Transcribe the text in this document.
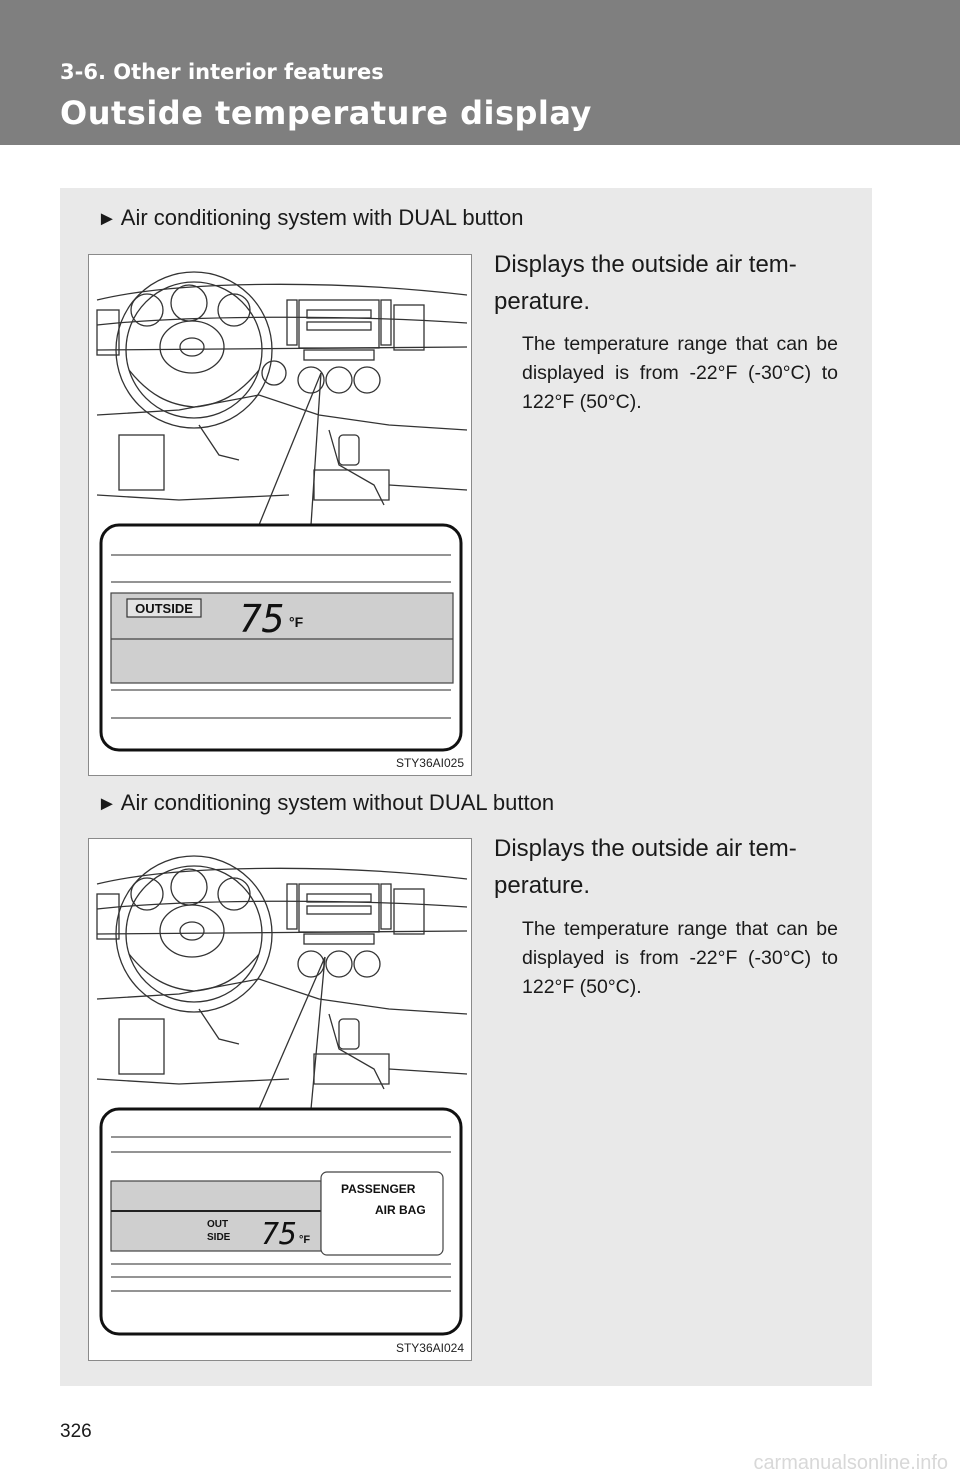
3-6. Other interior features
Outside temperature display
► Air conditioning system with DUAL button
OUTSIDE 75 °F
STY36AI025
Displays the outside air tem-
perature.
The temperature range that can be displayed is from -22°F (-30°C) to 122°F (50°C).
► Air conditioning system without DUAL button
OUT
SIDE 75 °F
PASSENGER
AIR BAG
STY36AI024
Displays the outside air tem-
perature.
The temperature range that can be displayed is from -22°F (-30°C) to 122°F (50°C).
326
carmanualsonline.info
